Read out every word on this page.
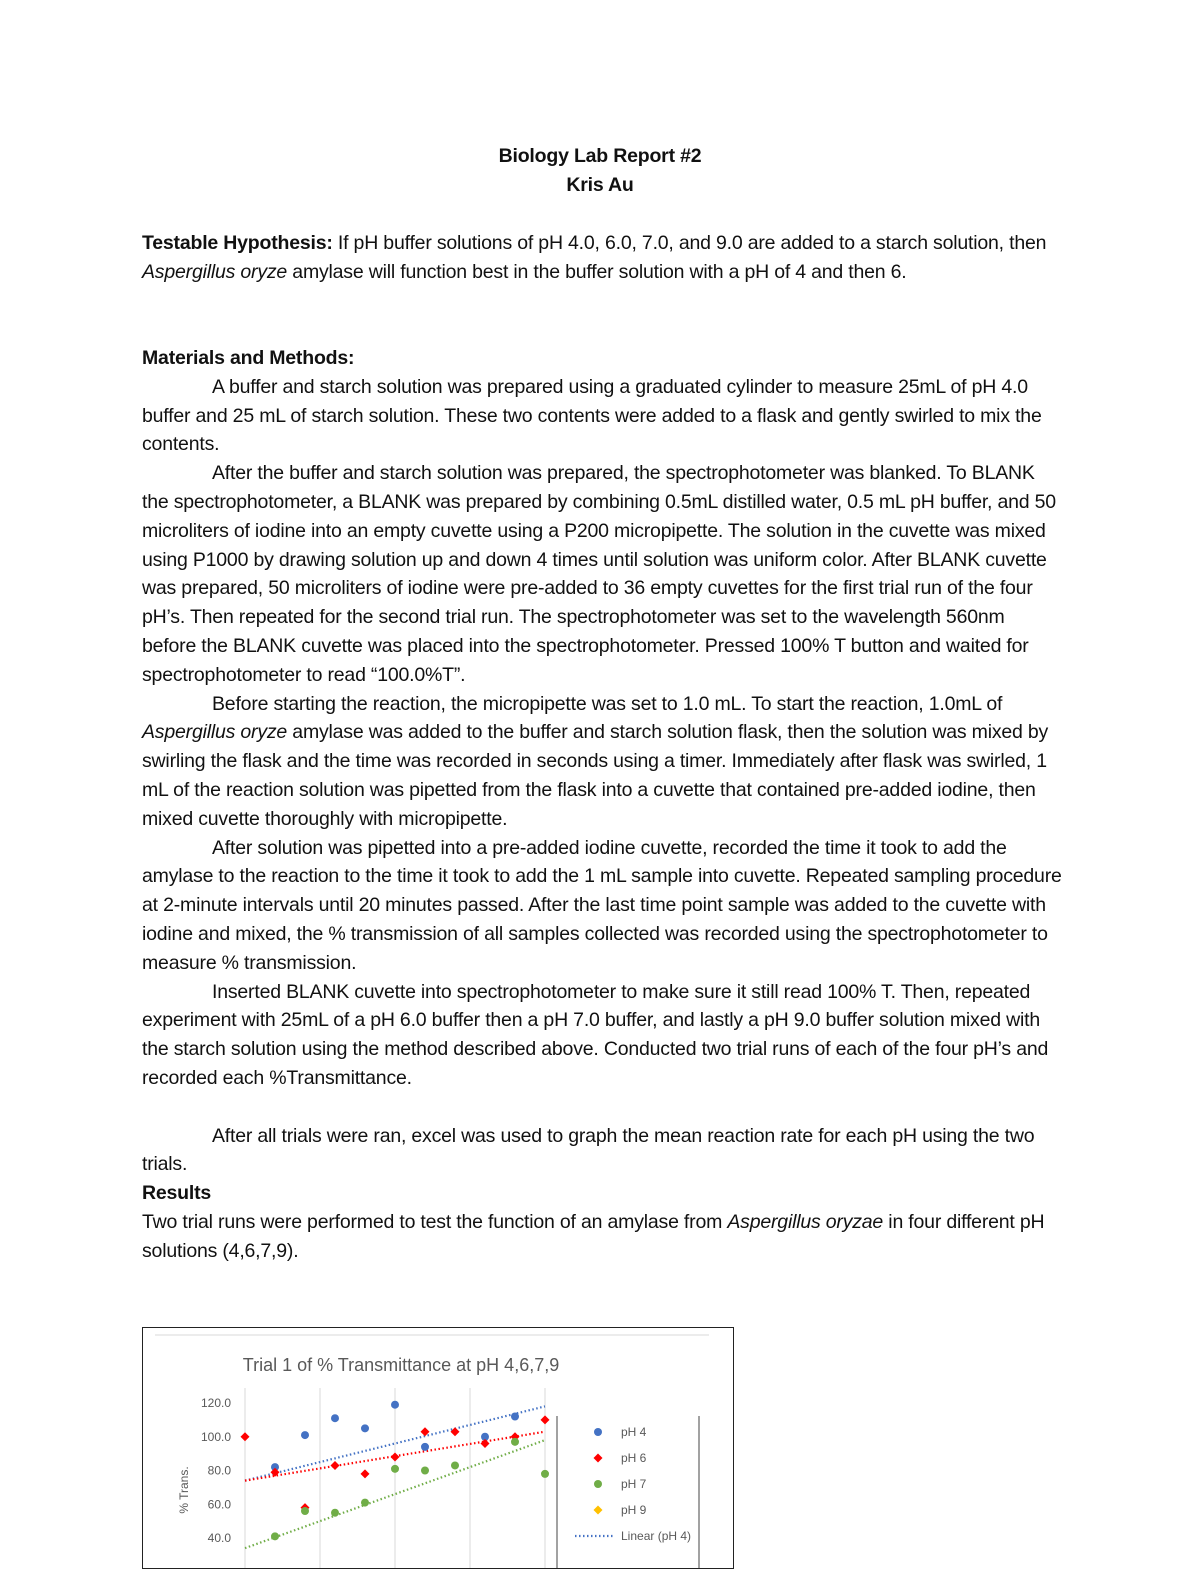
Biology Lab Report #2
Kris Au
Testable Hypothesis: If pH buffer solutions of pH 4.0, 6.0, 7.0, and 9.0 are added to a starch solution, then Aspergillus oryze amylase will function best in the buffer solution with a pH of 4 and then 6.
Materials and Methods:

A buffer and starch solution was prepared using a graduated cylinder to measure 25mL of pH 4.0 buffer and 25 mL of starch solution. These two contents were added to a flask and gently swirled to mix the contents.

After the buffer and starch solution was prepared, the spectrophotometer was blanked. To BLANK the spectrophotometer, a BLANK was prepared by combining 0.5mL distilled water, 0.5 mL pH buffer, and 50 microliters of iodine into an empty cuvette using a P200 micropipette. The solution in the cuvette was mixed using P1000 by drawing solution up and down 4 times until solution was uniform color. After BLANK cuvette was prepared, 50 microliters of iodine were pre-added to 36 empty cuvettes for the first trial run of the four pH’s. Then repeated for the second trial run. The spectrophotometer was set to the wavelength 560nm before the BLANK cuvette was placed into the spectrophotometer. Pressed 100% T button and waited for spectrophotometer to read “100.0%T”.

Before starting the reaction, the micropipette was set to 1.0 mL. To start the reaction, 1.0mL of Aspergillus oryze amylase was added to the buffer and starch solution flask, then the solution was mixed by swirling the flask and the time was recorded in seconds using a timer. Immediately after flask was swirled, 1 mL of the reaction solution was pipetted from the flask into a cuvette that contained pre-added iodine, then mixed cuvette thoroughly with micropipette.

After solution was pipetted into a pre-added iodine cuvette, recorded the time it took to add the amylase to the reaction to the time it took to add the 1 mL sample into cuvette. Repeated sampling procedure at 2-minute intervals until 20 minutes passed. After the last time point sample was added to the cuvette with iodine and mixed, the % transmission of all samples collected was recorded using the spectrophotometer to measure % transmission.

Inserted BLANK cuvette into spectrophotometer to make sure it still read 100% T. Then, repeated experiment with 25mL of a pH 6.0 buffer then a pH 7.0 buffer, and lastly a pH 9.0 buffer solution mixed with the starch solution using the method described above. Conducted two trial runs of each of the four pH’s and recorded each %Transmittance.

After all trials were ran, excel was used to graph the mean reaction rate for each pH using the two trials.

Results
Two trial runs were performed to test the function of an amylase from Aspergillus oryzae in four different pH solutions (4,6,7,9).
Trial 1 of % Transmittance at pH 4,6,7,9
120.0
100.0
80.0
60.0
40.0
% Trans.
pH 4
pH 6
pH 7
pH 9
Linear (pH 4)
